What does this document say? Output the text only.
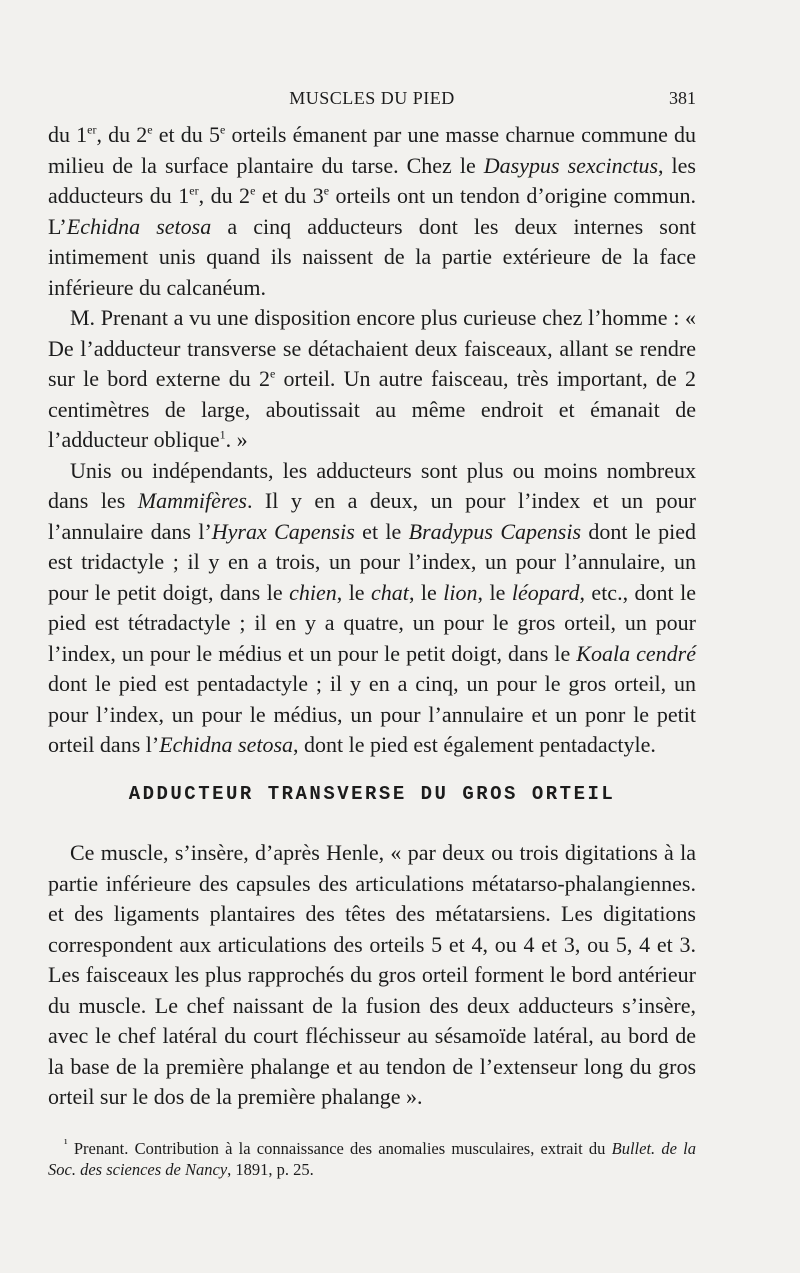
MUSCLES DU PIED	381

du 1er, du 2e et du 5e orteils émanent par une masse charnue commune du milieu de la surface plantaire du tarse. Chez le Dasypus sexcinctus, les adducteurs du 1er, du 2e et du 3e orteils ont un tendon d’origine commun. L’Echidna setosa a cinq adducteurs dont les deux internes sont intimement unis quand ils naissent de la partie extérieure de la face inférieure du calcanéum.

M. Prenant a vu une disposition encore plus curieuse chez l’homme : « De l’adducteur transverse se détachaient deux faisceaux, allant se rendre sur le bord externe du 2e orteil. Un autre faisceau, très important, de 2 centimètres de large, aboutissait au même endroit et émanait de l’adducteur oblique$^1$. »

Unis ou indépendants, les adducteurs sont plus ou moins nombreux dans les Mammifères. Il y en a deux, un pour l’index et un pour l’annulaire dans l’Hyrax Capensis et le Bradypus Capensis dont le pied est tridactyle ; il y en a trois, un pour l’index, un pour l’annulaire, un pour le petit doigt, dans le chien, le chat, le lion, le léopard, etc., dont le pied est tétradactyle ; il en y a quatre, un pour le gros orteil, un pour l’index, un pour le médius et un pour le petit doigt, dans le Koala cendré dont le pied est pentadactyle ; il y en a cinq, un pour le gros orteil, un pour l’index, un pour le médius, un pour l’annulaire et un ponr le petit orteil dans l’Echidna setosa, dont le pied est également pentadactyle.

ADDUCTEUR TRANSVERSE DU GROS ORTEIL

Ce muscle, s’insère, d’après Henle, « par deux ou trois digitations à la partie inférieure des capsules des articulations métatarso-phalangiennes. et des ligaments plantaires des têtes des métatarsiens. Les digitations correspondent aux articulations des orteils 5 et 4, ou 4 et 3, ou 5, 4 et 3. Les faisceaux les plus rapprochés du gros orteil forment le bord antérieur du muscle. Le chef naissant de la fusion des deux adducteurs s’insère, avec le chef latéral du court fléchisseur au sésamoïde latéral, au bord de la base de la première phalange et au tendon de l’extenseur long du gros orteil sur le dos de la première phalange ».

$^{^1}$ Prenant. Contribution à la connaissance des anomalies musculaires, extrait du Bullet. de la Soc. des sciences de Nancy, 1891, p. 25.
